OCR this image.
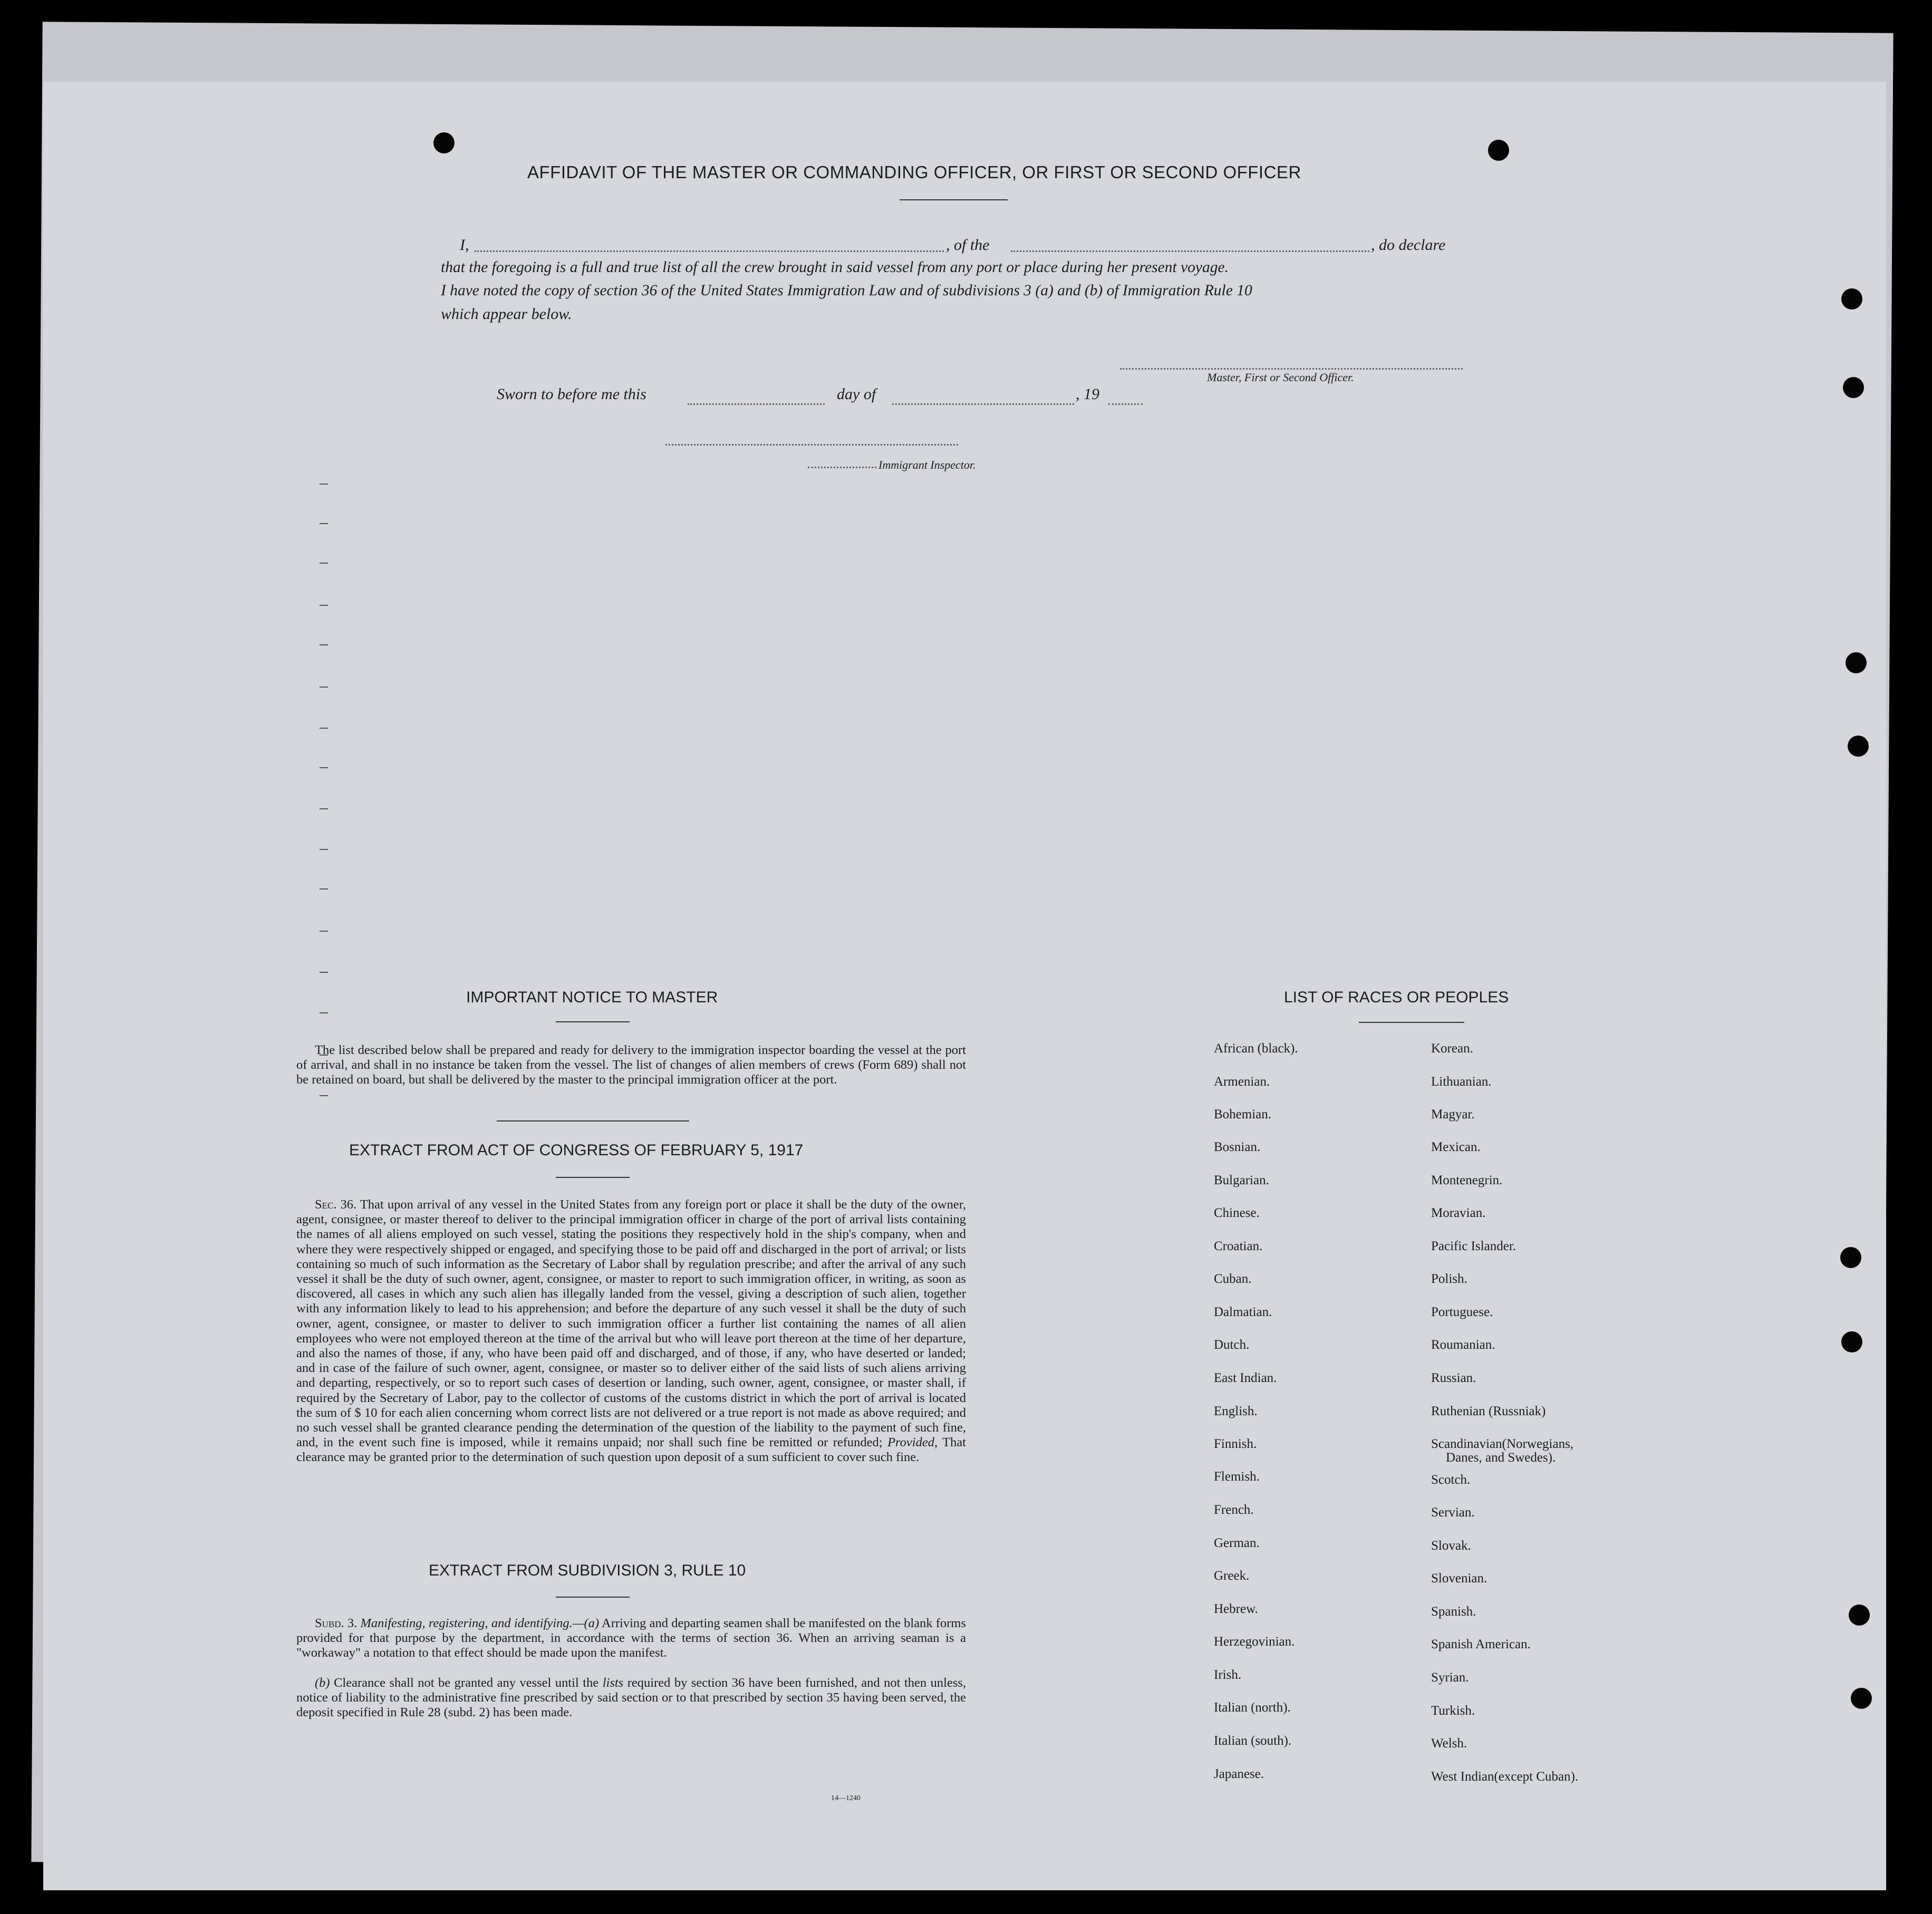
AFFIDAVIT OF THE MASTER OR COMMANDING OFFICER, OR FIRST OR SECOND OFFICER
I,	, of the	, do declare
that the foregoing is a full and true list of all the crew brought in said vessel from any port or place during her present voyage.
I have noted the copy of section 36 of the United States Immigration Law and of subdivisions 3 (a) and (b) of Immigration Rule 10
which appear below.
Master, First or Second Officer.
Sworn to before me this	day of	, 19
Immigrant Inspector.
IMPORTANT NOTICE TO MASTER
The list described below shall be prepared and ready for delivery to the immigration inspector boarding the vessel at the port of arrival, and shall in no instance be taken from the vessel. The list of changes of alien members of crews (Form 689) shall not be retained on board, but shall be delivered by the master to the principal immigration officer at the port.
EXTRACT FROM ACT OF CONGRESS OF FEBRUARY 5, 1917
Sec. 36. That upon arrival of any vessel in the United States from any foreign port or place it shall be the duty of the owner, agent, consignee, or master thereof to deliver to the principal immigration officer in charge of the port of arrival lists containing the names of all aliens employed on such vessel, stating the positions they respectively hold in the ship's company, when and where they were respectively shipped or engaged, and specifying those to be paid off and discharged in the port of arrival; or lists containing so much of such information as the Secretary of Labor shall by regulation prescribe; and after the arrival of any such vessel it shall be the duty of such owner, agent, consignee, or master to report to such immigration officer, in writing, as soon as discovered, all cases in which any such alien has illegally landed from the vessel, giving a description of such alien, together with any information likely to lead to his apprehension; and before the departure of any such vessel it shall be the duty of such owner, agent, consignee, or master to deliver to such immigration officer a further list containing the names of all alien employees who were not employed thereon at the time of the arrival but who will leave port thereon at the time of her departure, and also the names of those, if any, who have been paid off and discharged, and of those, if any, who have deserted or landed; and in case of the failure of such owner, agent, consignee, or master so to deliver either of the said lists of such aliens arriving and departing, respectively, or so to report such cases of desertion or landing, such owner, agent, consignee, or master shall, if required by the Secretary of Labor, pay to the collector of customs of the customs district in which the port of arrival is located the sum of $ 10 for each alien concerning whom correct lists are not delivered or a true report is not made as above required; and no such vessel shall be granted clearance pending the determination of the question of the liability to the payment of such fine, and, in the event such fine is imposed, while it remains unpaid; nor shall such fine be remitted or refunded; Provided, That clearance may be granted prior to the determination of such question upon deposit of a sum sufficient to cover such fine.
EXTRACT FROM SUBDIVISION 3, RULE 10
Subd. 3. Manifesting, registering, and identifying.—(a) Arriving and departing seamen shall be manifested on the blank forms provided for that purpose by the department, in accordance with the terms of section 36. When an arriving seaman is a "workaway" a notation to that effect should be made upon the manifest.
(b) Clearance shall not be granted any vessel until the lists required by section 36 have been furnished, and not then unless, notice of liability to the administrative fine prescribed by said section or to that prescribed by section 35 having been served, the deposit specified in Rule 28 (subd. 2) has been made.
14—1240
LIST OF RACES OR PEOPLES
African (black).
Armenian.
Bohemian.
Bosnian.
Bulgarian.
Chinese.
Croatian.
Cuban.
Dalmatian.
Dutch.
East Indian.
English.
Finnish.
Flemish.
French.
German.
Greek.
Hebrew.
Herzegovinian.
Irish.
Italian (north).
Italian (south).
Japanese.
Korean.
Lithuanian.
Magyar.
Mexican.
Montenegrin.
Moravian.
Pacific Islander.
Polish.
Portuguese.
Roumanian.
Russian.
Ruthenian (Russniak)
Scandinavian(Norwegians,
Danes, and Swedes).
Scotch.
Servian.
Slovak.
Slovenian.
Spanish.
Spanish American.
Syrian.
Turkish.
Welsh.
West Indian(except Cuban).
